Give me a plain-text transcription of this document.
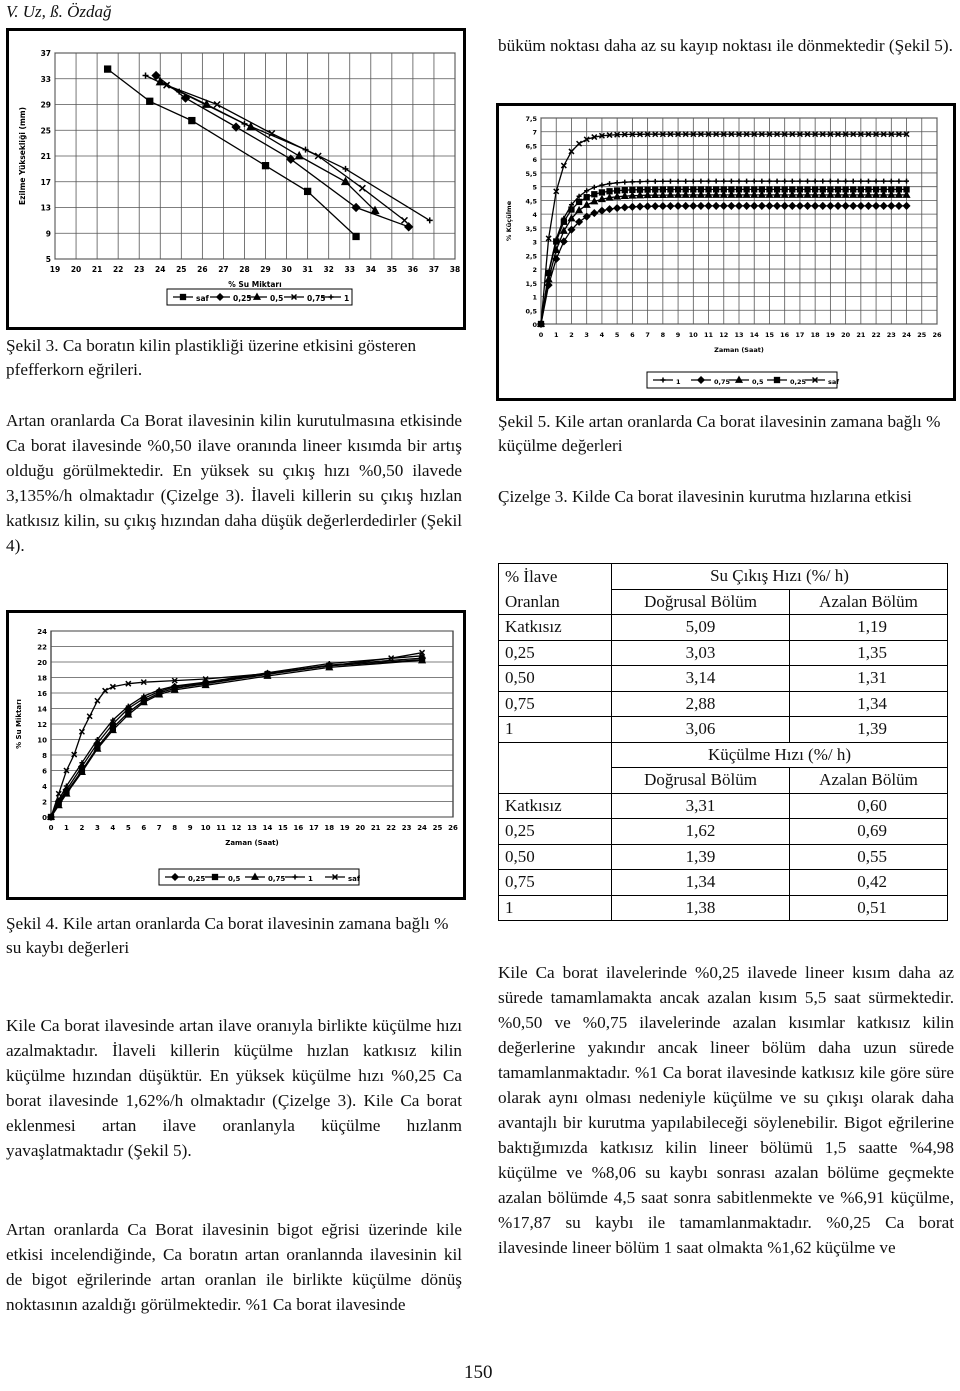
V. Uz, ß. Özdağ
5
9
13
17
21
25
29
33
37
19 20 21 22 23 24 25 26 27 28 29 30 31 32 33 34 35 36 37 38
% Su Miktarı
Ezilme Yüksekliği (mm)
saf	0,25 0,5	0,75 1
Şekil 3. Ca boratın kilin plastikliği üzerine etkisini gösteren pfefferkorn eğrileri.
Artan oranlarda Ca Borat ilavesinin kilin kurutulmasına etkisinde Ca borat ilavesinde %0,50 ilave oranında lineer kısımda bir artış olduğu görülmektedir. En yüksek su çıkış hızı %0,50 ilavede 3,135%/h olmaktadır (Çizelge 3). İlaveli killerin su çıkış hızlan katkısız kilin, su çıkış hızından daha düşük değerlerdedirler (Şekil 4).
0
2
4
6
8
10
12
14
16
18
20
22
24
0 1 2 3 4 5 6 7 8 9 10 11 12 13 14 15 16 17 18 19 20 21 22 23 24 25 26
Zaman (Saat)
% Su Miktarı
0,25	0,5	0,75	1	saf
Şekil 4. Kile artan oranlarda Ca borat ilavesinin zamana bağlı % su kaybı değerleri
Kile Ca borat ilavesinde artan ilave oranıyla birlikte küçülme hızı azalmaktadır. İlaveli killerin küçülme hızlan katkısız kilin küçülme hızından düşüktür. En yüksek küçülme hızı %0,25 Ca borat ilavesinde 1,62%/h olmaktadır (Çizelge 3). Kile Ca borat eklenmesi artan ilave oranlanyla küçülme hızlanm yavaşlatmaktadır (Şekil 5).
Artan oranlarda Ca Borat ilavesinin bigot eğrisi üzerinde kile etkisi incelendiğinde, Ca boratın artan oranlannda ilavesinin kil de bigot eğrilerinde artan oranlan ile birlikte küçülme dönüş noktasının azaldığı görülmektedir. %1 Ca borat ilavesinde
büküm noktası daha az su kayıp noktası ile dönmektedir (Şekil 5).
0
0,5
1
1,5
2
2,5
3
3,5
4
4,5
5
5,5
6
6,5
7
7,5
0 1 2 3 4 5 6 7 8 9 10 11 12 13 14 15 16 17 18 19 20 21 22 23 24 25 26
Zaman (Saat)
% Küçülme
1	0,75	0,5	0,25	saf
Şekil 5. Kile artan oranlarda Ca borat ilavesinin zamana bağlı % küçülme değerleri
Çizelge 3. Kilde Ca borat ilavesinin kurutma hızlarına etkisi
% İlave	Su Çıkış Hızı (%/ h)	
Oranlan	Doğrusal Bölüm	Azalan Bölüm
Katkısız	5,09	1,19
0,25	3,03	1,35
0,50	3,14	1,31
0,75	2,88	1,34
1	3,06	1,39
	Küçülme Hızı (%/ h)	
	Doğrusal Bölüm	Azalan Bölüm
Katkısız	3,31	0,60
0,25	1,62	0,69
0,50	1,39	0,55
0,75	1,34	0,42
1	1,38	0,51
Kile Ca borat ilavelerinde %0,25 ilavede lineer kısım daha az sürede tamamlamakta ancak azalan kısım 5,5 saat sürmektedir. %0,50 ve %0,75 ilavelerinde azalan kısımlar katkısız kilin değerlerine yakındır ancak lineer bölüm daha uzun sürede tamamlanmaktadır. %1 Ca borat ilavesinde katkısız kile göre süre olarak aynı olması nedeniyle küçülme ve su çıkışı olarak daha avantajlı bir kurutma yapılabileceği söylenebilir. Bigot eğrilerine baktığımızda katkısız kilin lineer bölümü 1,5 saatte %4,98 küçülme ve %8,06 su kaybı sonrası azalan bölüme geçmekte azalan bölümde 4,5 saat sonra sabitlenmekte ve %6,91 küçülme, %17,87 su kaybı ile tamamlanmaktadır. %0,25 Ca borat ilavesinde lineer bölüm 1 saat olmakta %1,62 küçülme ve
150
